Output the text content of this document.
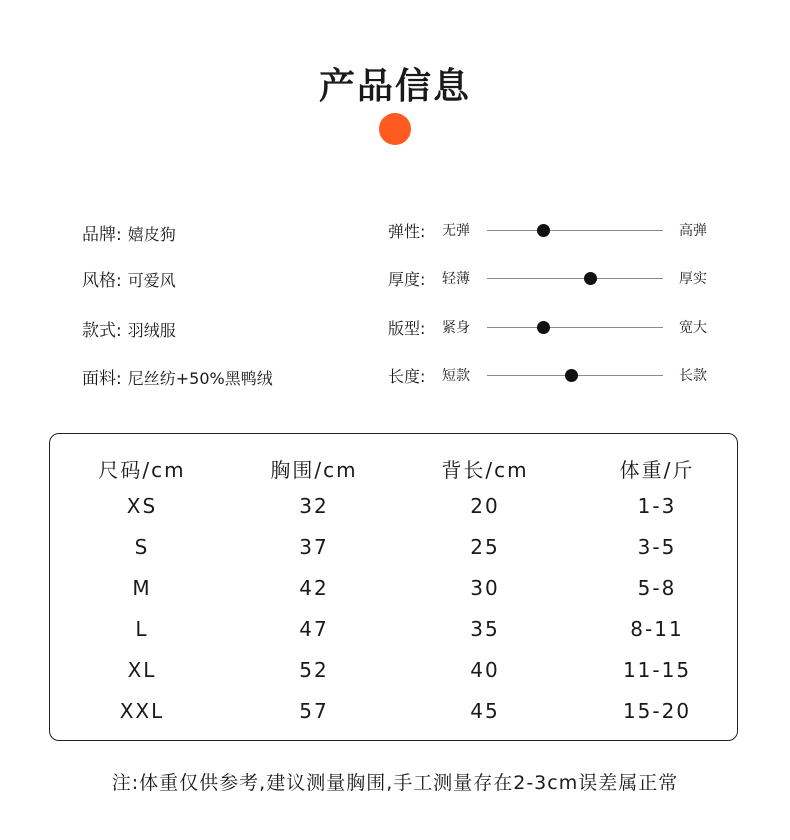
产品信息
品牌: 嬉皮狗
风格: 可爱风
款式: 羽绒服
面料: 尼丝纺+50%黑鸭绒
弹性: 无弹	高弹
厚度: 轻薄	厚实
版型: 紧身	宽大
长度: 短款	长款
尺码/cm	胸围/cm	背长/cm	体重/斤
XS	32	20	1-3
S	37	25	3-5
M	42	30	5-8
L	47	35	8-11
XL	52	40	11-15
XXL	57	45	15-20
注:体重仅供参考,建议测量胸围,手工测量存在2-3cm误差属正常
